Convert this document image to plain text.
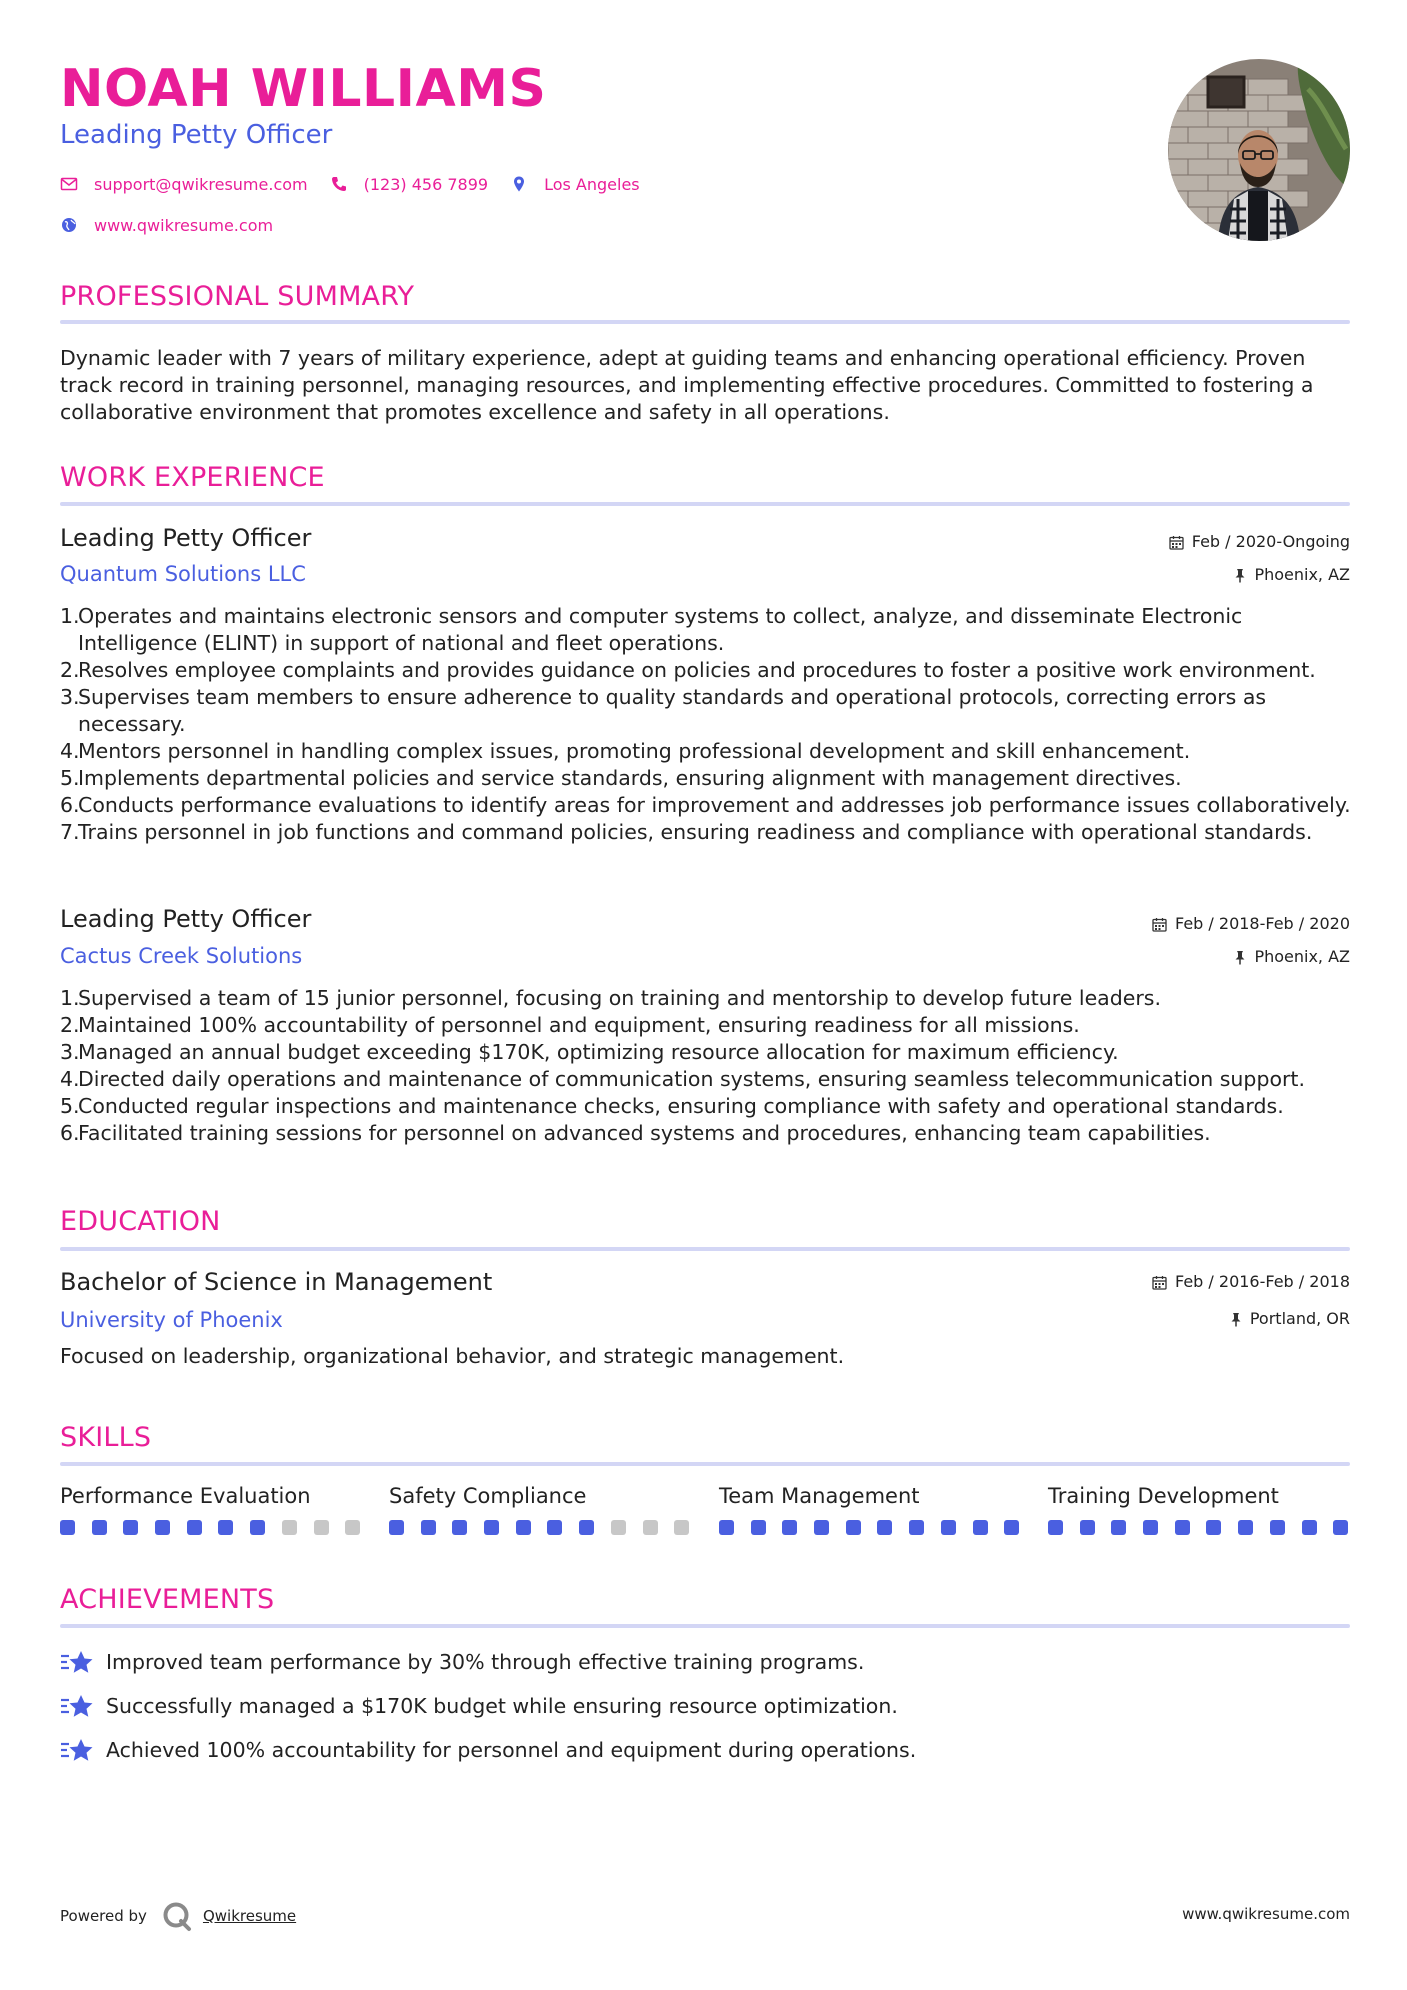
NOAH WILLIAMS
Leading Petty Officer
support@qwikresume.com	(123) 456 7899	Los Angeles
www.qwikresume.com
PROFESSIONAL SUMMARY
Dynamic leader with 7 years of military experience, adept at guiding teams and enhancing operational efficiency. Proven track record in training personnel, managing resources, and implementing effective procedures. Committed to fostering a collaborative environment that promotes excellence and safety in all operations.
WORK EXPERIENCE
Leading Petty Officer
Quantum Solutions LLC
Feb / 2020-Ongoing
Phoenix, AZ
1.
Operates and maintains electronic sensors and computer systems to collect, analyze, and disseminate Electronic Intelligence (ELINT) in support of national and fleet operations.
2.
Resolves employee complaints and provides guidance on policies and procedures to foster a positive work environment.
3.
Supervises team members to ensure adherence to quality standards and operational protocols, correcting errors as necessary.
4.
Mentors personnel in handling complex issues, promoting professional development and skill enhancement.
5.
Implements departmental policies and service standards, ensuring alignment with management directives.
6.
Conducts performance evaluations to identify areas for improvement and addresses job performance issues collaboratively.
7.
Trains personnel in job functions and command policies, ensuring readiness and compliance with operational standards.
Leading Petty Officer
Cactus Creek Solutions
Feb / 2018-Feb / 2020
Phoenix, AZ
1.
Supervised a team of 15 junior personnel, focusing on training and mentorship to develop future leaders.
2.
Maintained 100% accountability of personnel and equipment, ensuring readiness for all missions.
3.
Managed an annual budget exceeding $170K, optimizing resource allocation for maximum efficiency.
4.
Directed daily operations and maintenance of communication systems, ensuring seamless telecommunication support.
5.
Conducted regular inspections and maintenance checks, ensuring compliance with safety and operational standards.
6.
Facilitated training sessions for personnel on advanced systems and procedures, enhancing team capabilities.
EDUCATION
Bachelor of Science in Management
University of Phoenix
Feb / 2016-Feb / 2018
Portland, OR
Focused on leadership, organizational behavior, and strategic management.
SKILLS
Performance Evaluation	Safety Compliance	Team Management	Training Development
ACHIEVEMENTS
Improved team performance by 30% through effective training programs.
Successfully managed a $170K budget while ensuring resource optimization.
Achieved 100% accountability for personnel and equipment during operations.
Powered by	Qwikresume	www.qwikresume.com
